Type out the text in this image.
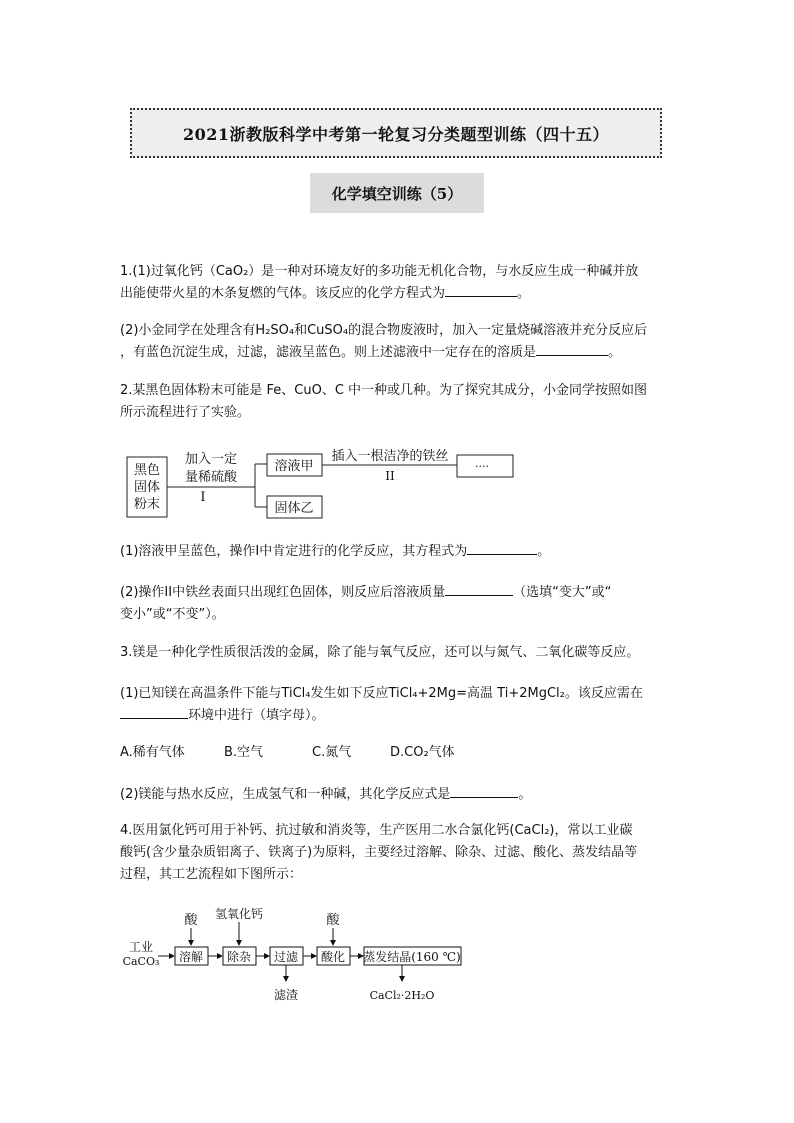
2021浙教版科学中考第一轮复习分类题型训练（四十五）
化学填空训练（5）
1.(1)过氧化钙（CaO₂）是一种对环境友好的多功能无机化合物，与水反应生成一种碱并放
出能使带火星的木条复燃的气体。该反应的化学方程式为	。
(2)小金同学在处理含有H₂SO₄和CuSO₄的混合物废液时，加入一定量烧碱溶液并充分反应后
，有蓝色沉淀生成，过滤，滤液呈蓝色。则上述滤液中一定存在的溶质是	。
2.某黑色固体粉末可能是 Fe、CuO、C 中一种或几种。为了探究其成分，小金同学按照如图
所示流程进行了实验。
黑色
固体
粉末
加入一定
量稀硫酸
I
溶液甲
固体乙
插入一根洁净的铁丝
II
····
(1)溶液甲呈蓝色，操作I中肯定进行的化学反应，其方程式为	。
(2)操作II中铁丝表面只出现红色固体，则反应后溶液质量	（选填“变大”或“
变小”或“不变”）。
3.镁是一种化学性质很活泼的金属，除了能与氧气反应，还可以与氮气、二氧化碳等反应。
(1)已知镁在高温条件下能与TiCl₄发生如下反应TiCl₄+2Mg=高温 Ti+2MgCl₂。该反应需在
环境中进行（填字母）。
A.稀有气体	B.空气	C.氮气	D.CO₂气体
(2)镁能与热水反应，生成氢气和一种碱，其化学反应式是	。
4.医用氯化钙可用于补钙、抗过敏和消炎等，生产医用二水合氯化钙(CaCl₂)，常以工业碳
酸钙(含少量杂质铝离子、铁离子)为原料，主要经过溶解、除杂、过滤、酸化、蒸发结晶等
过程，其工艺流程如下图所示：
工业
CaCO₃ 溶解 除杂 过滤 酸化 蒸发结晶(160 ℃)
酸 氢氧化钙	酸
滤渣	CaCl₂·2H₂O
